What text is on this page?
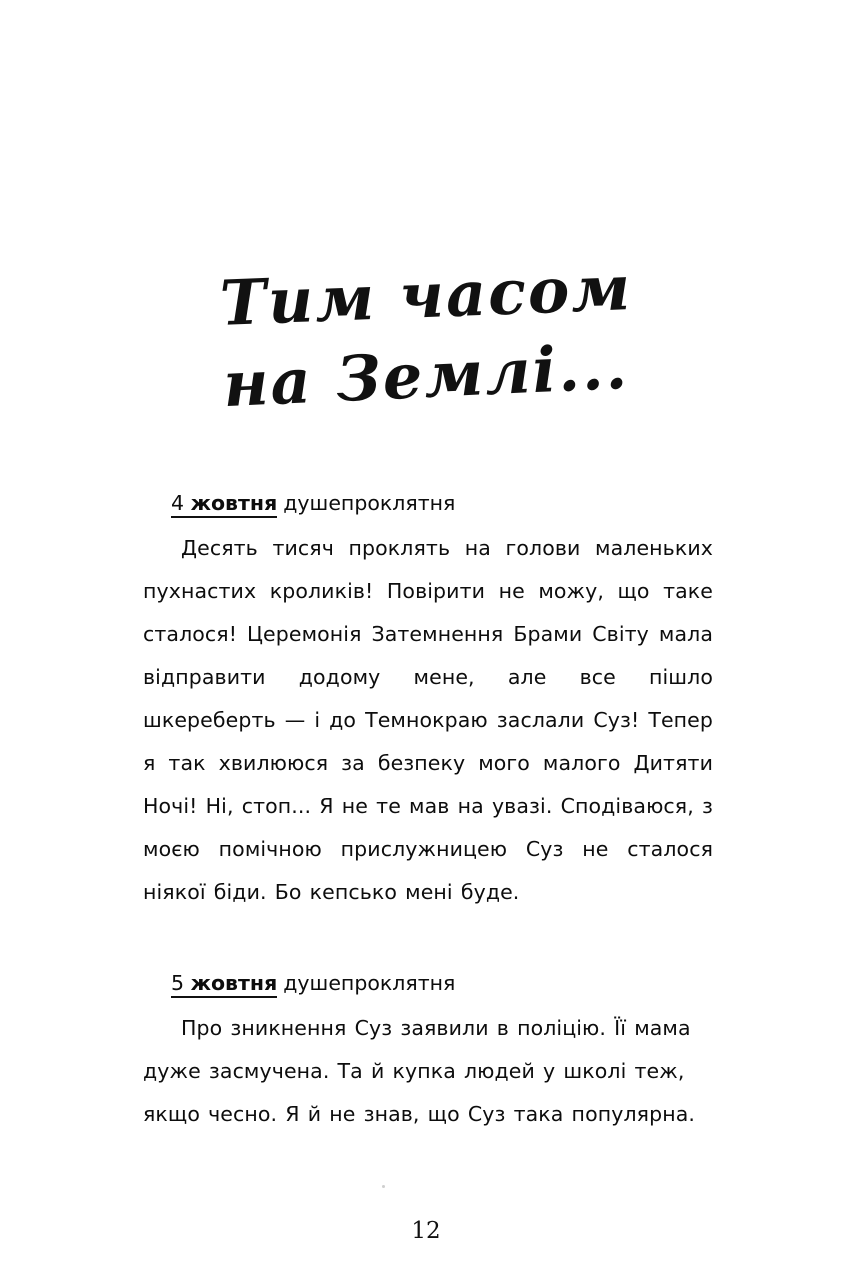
Тим часом
на Землі...
4 жовтня душепроклятня
Десять тисяч проклять на голови маленьких пухнастих кроликів! Повірити не можу, що таке сталося! Церемонія Затемнення Брами Світу мала відправити додому мене, але все пішло шкереберть — і до Темнокраю заслали Суз! Тепер я так хвилююся за безпеку мого малого Дитяти Ночі! Ні, стоп... Я не те мав на увазі. Сподіваюся, з моєю помічною прислужницею Суз не сталося ніякої біди. Бо кепсько мені буде.
5 жовтня душепроклятня
Про зникнення Суз заявили в поліцію. Її мама дуже засмучена. Та й купка людей у школі теж, якщо чесно. Я й не знав, що Суз така популярна.
12
